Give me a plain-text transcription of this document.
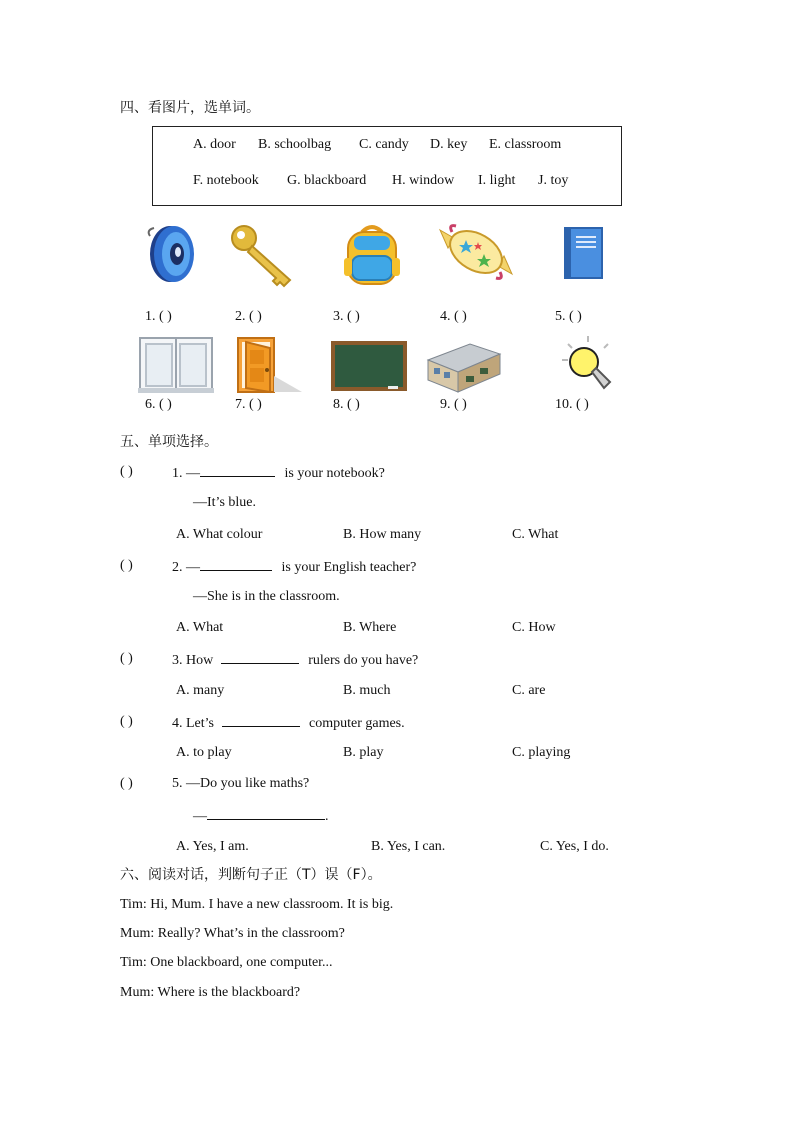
四、看图片，选单词。
A. door B. schoolbag C. candy D. key E. classroom
F. notebook G. blackboard H. window I. light J. toy
1. ( )	2. ( )	3. ( )	4. ( )	5. ( )
6. ( )	7. ( )	8. ( )	9. ( )	10. ( )
五、单项选择。
( )	1. —	is your notebook?
—It’s blue.
A. What colour	B. How many	C. What
( )	2. —	is your English teacher?
—She is in the classroom.
A. What	B. Where	C. How
( )	3. How	rulers do you have?
A. many	B. much	C. are
( )	4. Let’s	computer games.
A. to play	B. play	C. playing
( )	5. —Do you like maths?
—	.
A. Yes, I am.	B. Yes, I can.	C. Yes, I do.
六、阅读对话，判断句子正（T）误（F）。
Tim: Hi, Mum. I have a new classroom. It is big.
Mum: Really? What’s in the classroom?
Tim: One blackboard, one computer...
Mum: Where is the blackboard?
